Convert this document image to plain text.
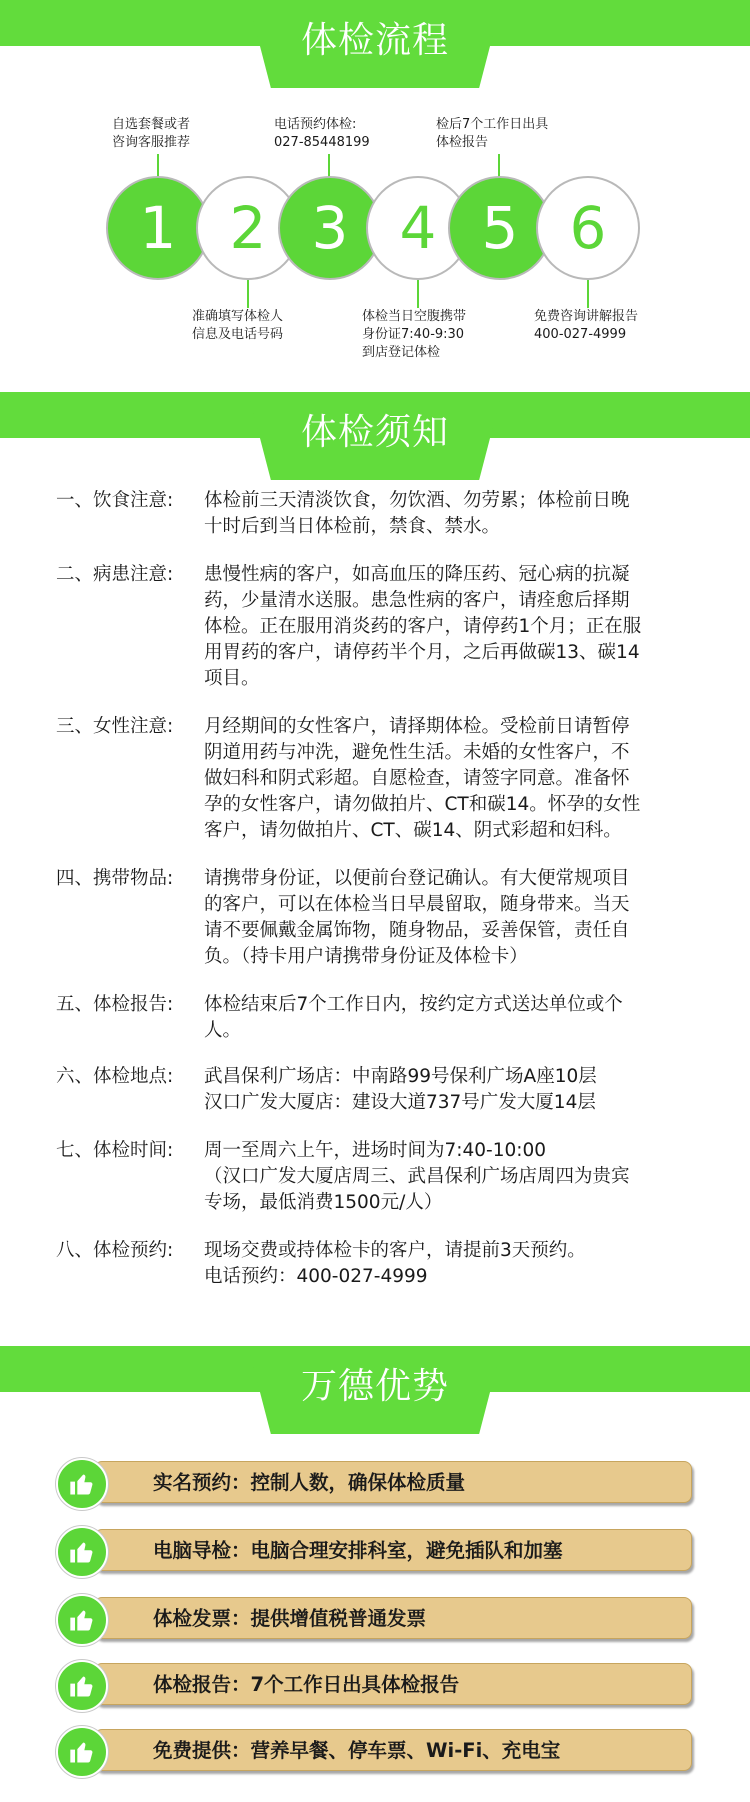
体检流程
自选套餐或者
咨询客服推荐
电话预约体检:
027-85448199
检后7个工作日出具
体检报告
1 2 3 4 5 6
准确填写体检人
信息及电话号码
体检当日空腹携带
身份证7:40-9:30
到店登记体检
免费咨询讲解报告
400-027-4999
体检须知
一、饮食注意:	体检前三天清淡饮食，勿饮酒、勿劳累；体检前日晚

十时后到当日体检前，禁食、禁水。

二、病患注意:	患慢性病的客户，如高血压的降压药、冠心病的抗凝

药，少量清水送服。患急性病的客户，请痊愈后择期

体检。正在服用消炎药的客户，请停药1个月；正在服

用胃药的客户，请停药半个月，之后再做碳13、碳14

项目。

三、女性注意:	月经期间的女性客户，请择期体检。受检前日请暂停

阴道用药与冲洗，避免性生活。未婚的女性客户，不

做妇科和阴式彩超。自愿检查，请签字同意。准备怀

孕的女性客户，请勿做拍片、CT和碳14。怀孕的女性

客户，请勿做拍片、CT、碳14、阴式彩超和妇科。

四、携带物品:	请携带身份证，以便前台登记确认。有大便常规项目

的客户，可以在体检当日早晨留取，随身带来。当天

请不要佩戴金属饰物，随身物品，妥善保管，责任自

负。（持卡用户请携带身份证及体检卡）

五、体检报告:	体检结束后7个工作日内，按约定方式送达单位或个

人。

六、体检地点:	武昌保利广场店：中南路99号保利广场A座10层

汉口广发大厦店：建设大道737号广发大厦14层

七、体检时间:	周一至周六上午，进场时间为7:40-10:00

（汉口广发大厦店周三、武昌保利广场店周四为贵宾

专场，最低消费1500元/人）

八、体检预约:	现场交费或持体检卡的客户，请提前3天预约。

电话预约：400-027-4999

万德优势
实名预约：控制人数，确保体检质量
电脑导检：电脑合理安排科室，避免插队和加塞
体检发票：提供增值税普通发票
体检报告：7个工作日出具体检报告
免费提供：营养早餐、停车票、Wi-Fi、充电宝
